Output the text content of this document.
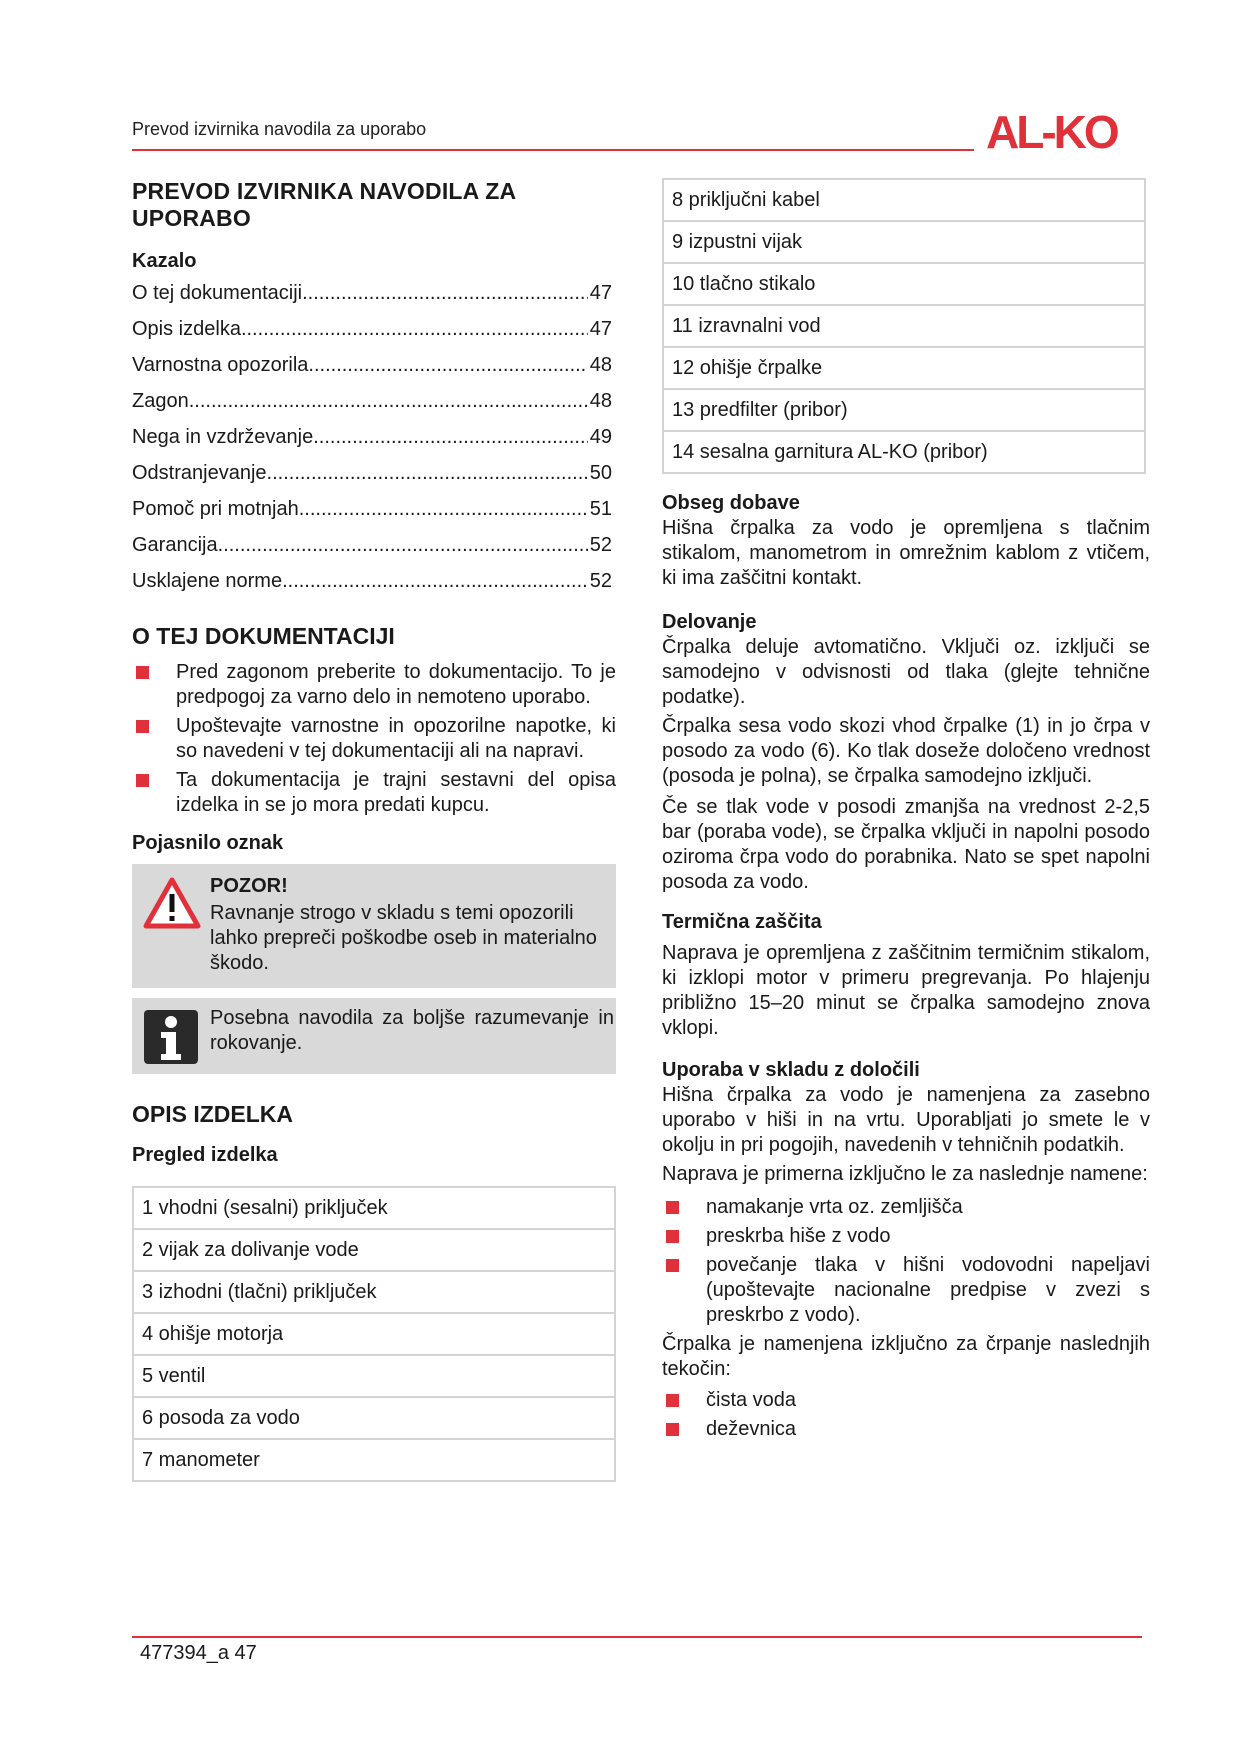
Prevod izvirnika navodila za uporabo	AL-KO
PREVOD IZVIRNIKA NAVODILA ZA UPORABO
Kazalo
O tej dokumentaciji .....	47
Opis izdelka .....	47
Varnostna opozorila .....	48
Zagon .....	48
Nega in vzdrževanje .....	49
Odstranjevanje .....	50
Pomoč pri motnjah .....	51
Garancija .....	52
Usklajene norme .....	52
O TEJ DOKUMENTACIJI
Pred zagonom preberite to dokumentacijo. To je predpogoj za varno delo in nemoteno uporabo.
Upoštevajte varnostne in opozorilne napotke, ki so navedeni v tej dokumentaciji ali na napravi.
Ta dokumentacija je trajni sestavni del opisa izdelka in se jo mora predati kupcu.
Pojasnilo oznak
POZOR!
Ravnanje strogo v skladu s temi opozorili lahko prepreči poškodbe oseb in materialno škodo.
Posebna navodila za boljše razumevanje in rokovanje.
OPIS IZDELKA
Pregled izdelka
1 vhodni (sesalni) priključek
2 vijak za dolivanje vode
3 izhodni (tlačni) priključek
4 ohišje motorja
5 ventil
6 posoda za vodo
7 manometer
8 priključni kabel
9 izpustni vijak
10 tlačno stikalo
11 izravnalni vod
12 ohišje črpalke
13 predfilter (pribor)
14 sesalna garnitura AL-KO (pribor)
Obseg dobave

Hišna črpalka za vodo je opremljena s tlačnim stikalom, manometrom in omrežnim kablom z vtičem, ki ima zaščitni kontakt.

Delovanje

Črpalka deluje avtomatično. Vključi oz. izključi se samodejno v odvisnosti od tlaka (glejte tehnične podatke).

Črpalka sesa vodo skozi vhod črpalke (1) in jo črpa v posodo za vodo (6). Ko tlak doseže določeno vrednost (posoda je polna), se črpalka samodejno izključi.

Če se tlak vode v posodi zmanjša na vrednost 2-2,5 bar (poraba vode), se črpalka vključi in napolni posodo oziroma črpa vodo do porabnika. Nato se spet napolni posoda za vodo.

Termična zaščita

Naprava je opremljena z zaščitnim termičnim stikalom, ki izklopi motor v primeru pregrevanja. Po hlajenju približno 15–20 minut se črpalka samodejno znova vklopi.

Uporaba v skladu z določili

Hišna črpalka za vodo je namenjena za zasebno uporabo v hiši in na vrtu. Uporabljati jo smete le v okolju in pri pogojih, navedenih v tehničnih podatkih.

Naprava je primerna izključno le za naslednje namene:

namakanje vrta oz. zemljišča
preskrba hiše z vodo
povečanje tlaka v hišni vodovodni napeljavi (upoštevajte nacionalne predpise v zvezi s preskrbo z vodo).

Črpalka je namenjena izključno za črpanje naslednjih tekočin:

čista voda
deževnica
477394_a 47
